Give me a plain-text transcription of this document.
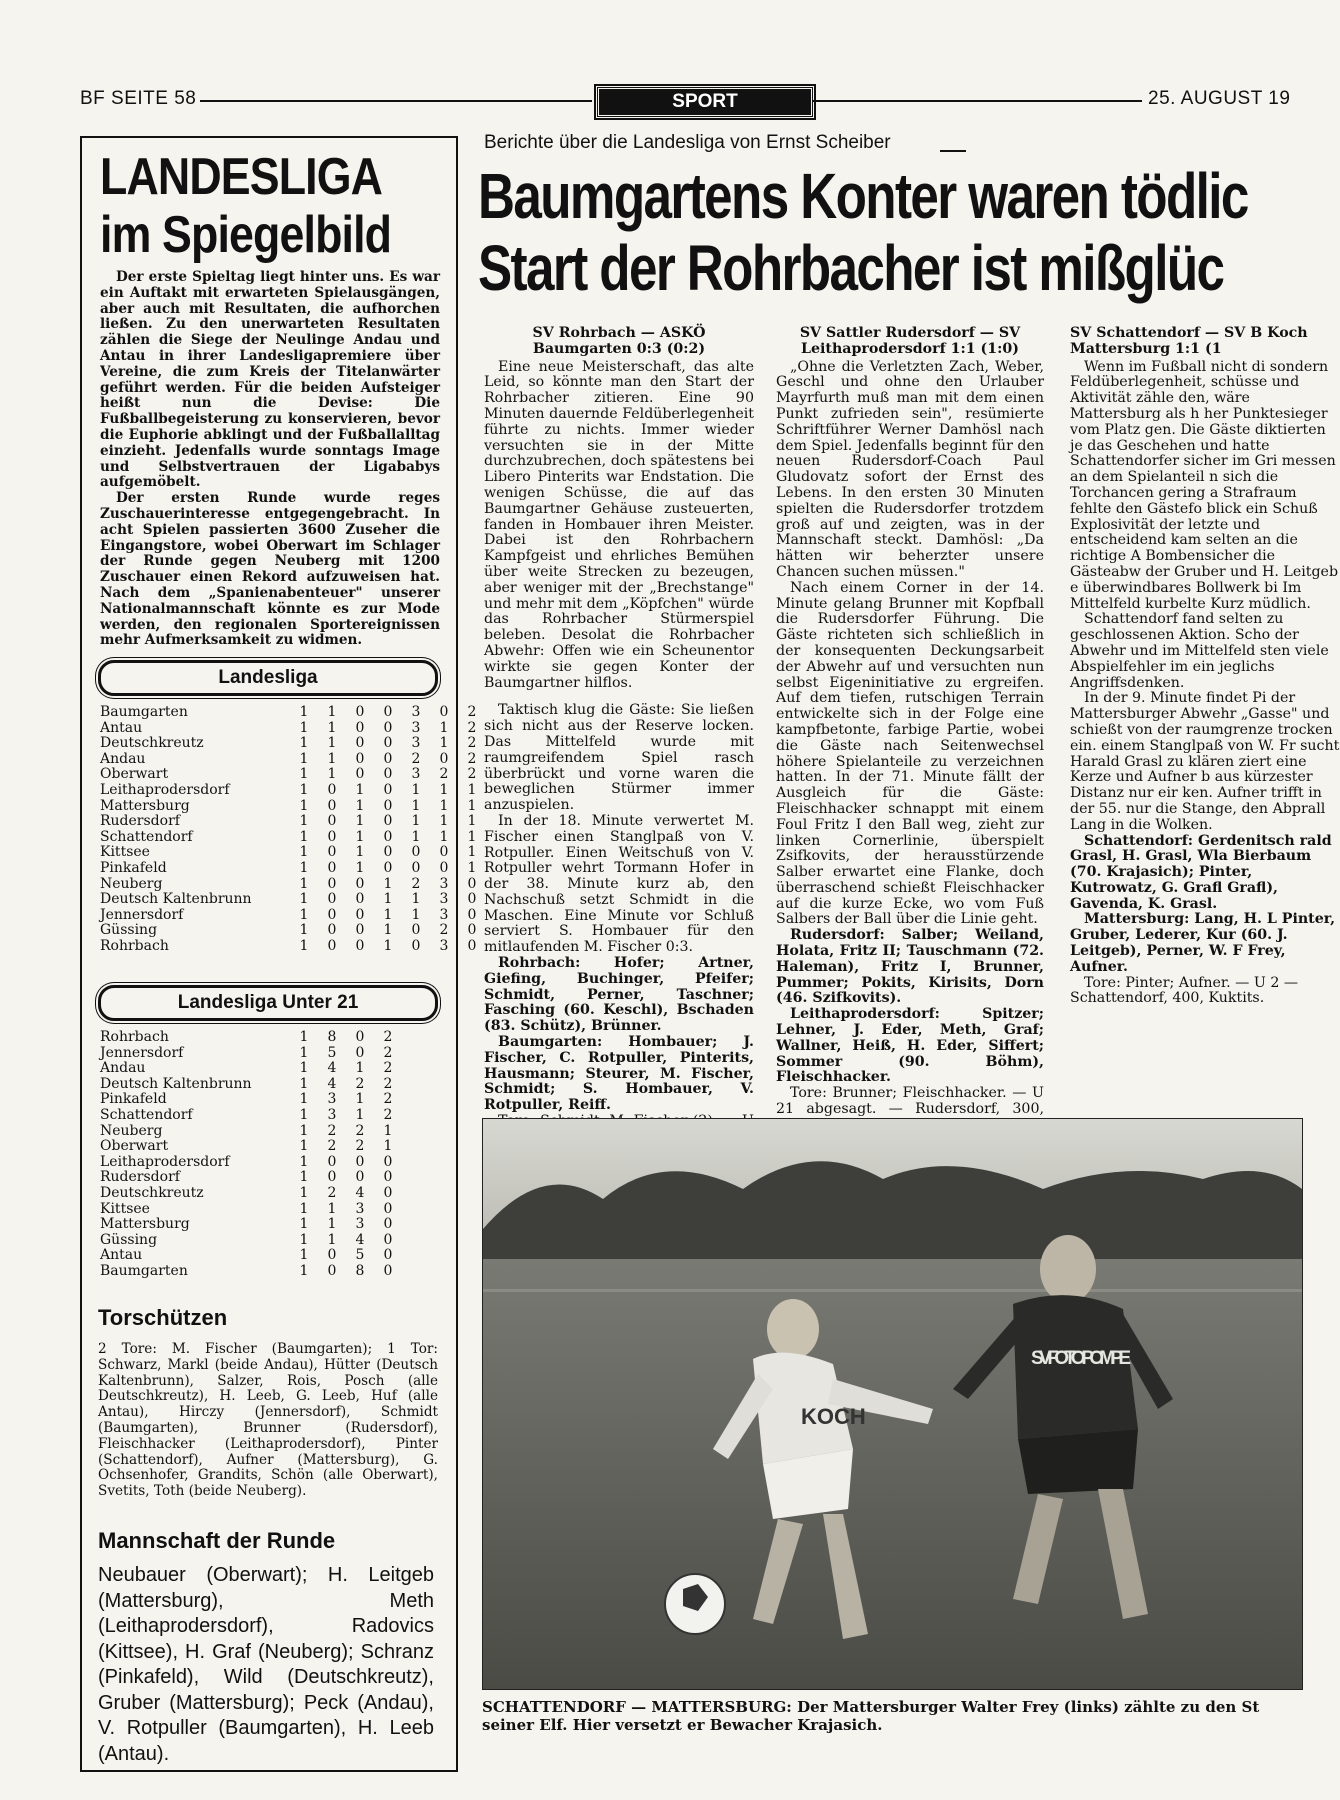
BF SEITE 58	SPORT	25. AUGUST 19
LANDESLIGA
im Spiegelbild

Der erste Spieltag liegt hinter uns. Es war ein Auftakt mit erwarteten Spielausgängen, aber auch mit Resultaten, die aufhorchen ließen. Zu den unerwarteten Resultaten zählen die Siege der Neulinge Andau und Antau in ihrer Landesligapremiere über Vereine, die zum Kreis der Titelanwärter geführt werden. Für die beiden Aufsteiger heißt nun die Devise: Die Fußballbegeisterung zu konservieren, bevor die Euphorie abklingt und der Fußballalltag einzieht. Jedenfalls wurde sonntags Image und Selbstvertrauen der Ligababys aufgemöbelt.

Der ersten Runde wurde reges Zuschauerinteresse entgegengebracht. In acht Spielen passierten 3600 Zuseher die Eingangstore, wobei Oberwart im Schlager der Runde gegen Neuberg mit 1200 Zuschauer einen Rekord aufzuweisen hat. Nach dem „Spanienabenteuer" unserer Nationalmannschaft könnte es zur Mode werden, den regionalen Sportereignissen mehr Aufmerksamkeit zu widmen.

Landesliga
Baumgarten	1	1	0	0	3	0	2
Antau	1	1	0	0	3	1	2
Deutschkreutz	1	1	0	0	3	1	2
Andau	1	1	0	0	2	0	2
Oberwart	1	1	0	0	3	2	2
Leithaprodersdorf	1	0	1	0	1	1	1
Mattersburg	1	0	1	0	1	1	1
Rudersdorf	1	0	1	0	1	1	1
Schattendorf	1	0	1	0	1	1	1
Kittsee	1	0	1	0	0	0	1
Pinkafeld	1	0	1	0	0	0	1
Neuberg	1	0	0	1	2	3	0
Deutsch Kaltenbrunn	1	0	0	1	1	3	0
Jennersdorf	1	0	0	1	1	3	0
Güssing	1	0	0	1	0	2	0
Rohrbach	1	0	0	1	0	3	0
Landesliga Unter 21
Rohrbach	1	8	0	2
Jennersdorf	1	5	0	2
Andau	1	4	1	2
Deutsch Kaltenbrunn	1	4	2	2
Pinkafeld	1	3	1	2
Schattendorf	1	3	1	2
Neuberg	1	2	2	1
Oberwart	1	2	2	1
Leithaprodersdorf	1	0	0	0
Rudersdorf	1	0	0	0
Deutschkreutz	1	2	4	0
Kittsee	1	1	3	0
Mattersburg	1	1	3	0
Güssing	1	1	4	0
Antau	1	0	5	0
Baumgarten	1	0	8	0
Torschützen
2 Tore: M. Fischer (Baumgarten); 1 Tor: Schwarz, Markl (beide Andau), Hütter (Deutsch Kaltenbrunn), Salzer, Rois, Posch (alle Deutschkreutz), H. Leeb, G. Leeb, Huf (alle Antau), Hirczy (Jennersdorf), Schmidt (Baumgarten), Brunner (Rudersdorf), Fleischhacker (Leithaprodersdorf), Pinter (Schattendorf), Aufner (Mattersburg), G. Ochsenhofer, Grandits, Schön (alle Oberwart), Svetits, Toth (beide Neuberg).
Mannschaft der Runde
Neubauer (Oberwart); H. Leitgeb (Mattersburg), Meth (Leithaprodersdorf), Radovics (Kittsee), H. Graf (Neuberg); Schranz (Pinkafeld), Wild (Deutschkreutz), Gruber (Mattersburg); Peck (Andau), V. Rotpuller (Baumgarten), H. Leeb (Antau).
Berichte über die Landesliga von Ernst Scheiber
Baumgartens Konter waren tödlic
Start der Rohrbacher ist mißglüc
SV Rohrbach — ASKÖ Baumgarten 0:3 (0:2)

Eine neue Meisterschaft, das alte Leid, so könnte man den Start der Rohrbacher zitieren. Eine 90 Minuten dauernde Feldüberlegenheit führte zu nichts. Immer wieder versuchten sie in der Mitte durchzubrechen, doch spätestens bei Libero Pinterits war Endstation. Die wenigen Schüsse, die auf das Baumgartner Gehäuse zusteuerten, fanden in Hombauer ihren Meister. Dabei ist den Rohrbachern Kampfgeist und ehrliches Bemühen über weite Strecken zu bezeugen, aber weniger mit der „Brechstange" und mehr mit dem „Köpfchen" würde das Rohrbacher Stürmerspiel beleben. Desolat die Rohrbacher Abwehr: Offen wie ein Scheunentor wirkte sie gegen Konter der Baumgartner hilflos.

Taktisch klug die Gäste: Sie ließen sich nicht aus der Reserve locken. Das Mittelfeld wurde mit raumgreifendem Spiel rasch überbrückt und vorne waren die beweglichen Stürmer immer anzuspielen.

In der 18. Minute verwertet M. Fischer einen Stanglpaß von V. Rotpuller. Einen Weitschuß von V. Rotpuller wehrt Tormann Hofer in der 38. Minute kurz ab, den Nachschuß setzt Schmidt in die Maschen. Eine Minute vor Schluß serviert S. Hombauer für den mitlaufenden M. Fischer 0:3.

Rohrbach: Hofer; Artner, Giefing, Buchinger, Pfeifer; Schmidt, Perner, Taschner; Fasching (60. Keschl), Bschaden (83. Schütz), Brünner.

Baumgarten: Hombauer; J. Fischer, C. Rotpuller, Pinterits, Hausmann; Steurer, M. Fischer, Schmidt; S. Hombauer, V. Rotpuller, Reiff.

SV Sattler Rudersdorf — SV Leithaprodersdorf 1:1 (1:0)

„Ohne die Verletzten Zach, Weber, Geschl und ohne den Urlauber Mayrfurth muß man mit dem einen Punkt zufrieden sein", resümierte Schriftführer Werner Damhösl nach dem Spiel. Jedenfalls beginnt für den neuen Rudersdorf-Coach Paul Gludovatz sofort der Ernst des Lebens. In den ersten 30 Minuten spielten die Rudersdorfer trotzdem groß auf und zeigten, was in der Mannschaft steckt. Damhösl: „Da hätten wir beherzter unsere Chancen suchen müssen."

Nach einem Corner in der 14. Minute gelang Brunner mit Kopfball die Rudersdorfer Führung. Die Gäste richteten sich schließlich in der konsequenten Deckungsarbeit der Abwehr auf und versuchten nun selbst Eigeninitiative zu ergreifen. Auf dem tiefen, rutschigen Terrain entwickelte sich in der Folge eine kampfbetonte, farbige Partie, wobei die Gäste nach Seitenwechsel höhere Spielanteile zu verzeichnen hatten. In der 71. Minute fällt der Ausgleich für die Gäste: Fleischhacker schnappt mit einem Foul Fritz I den Ball weg, zieht zur linken Cornerlinie, überspielt Zsifkovits, der herausstürzende Salber erwartet eine Flanke, doch überraschend schießt Fleischhacker auf die kurze Ecke, wo vom Fuß Salbers der Ball über die Linie geht.

Rudersdorf: Salber; Weiland, Holata, Fritz II; Tauschmann (72. Haleman), Fritz I, Brunner, Pummer; Pokits, Kirisits, Dorn (46. Szifkovits).

Leithaprodersdorf: Spitzer; Lehner, J. Eder, Meth, Graf; Wallner, Heiß, H. Eder, Siffert; Sommer (90. Böhm), Fleischhacker.

Tore: Brunner; Fleischhacker. — U 21 abgesagt. — Rudersdorf, 300,

SV Schattendorf — SV B Koch Mattersburg 1:1 (1

Wenn im Fußball nicht di sondern Feldüberlegenheit, schüsse und Aktivität zähle den, wäre Mattersburg als h her Punktesieger vom Platz gen. Die Gäste diktierten je das Geschehen und hatte Schattendorfer sicher im Gri messen an dem Spielanteil n sich die Torchancen gering a Strafraum fehlte den Gästefo blick ein Schuß Explosivität der letzte und entscheidend kam selten an die richtige A Bombensicher die Gästeabw der Gruber und H. Leitgeb e überwindbares Bollwerk bi Im Mittelfeld kurbelte Kurz müdlich.

Schattendorf fand selten zu geschlossenen Aktion. Scho der Abwehr und im Mittelfeld sten viele Abspielfehler im ein jeglichs Angriffsdenken.

In der 9. Minute findet Pi der Mattersburger Abwehr „Gasse" und schießt von der raumgrenze trocken ein. einem Stanglpaß von W. Fr sucht Harald Grasl zu klären ziert eine Kerze und Aufner b aus kürzester Distanz nur eir ken. Aufner trifft in der 55. nur die Stange, den Abprall Lang in die Wolken.

Schattendorf: Gerdenitsch rald Grasl, H. Grasl, Wla Bierbaum (70. Krajasich); Pinter, Kutrowatz, G. Grafl Grafl), Gavenda, K. Grasl.

Mattersburg: Lang, H. L Pinter, Gruber, Lederer, Kur (60. J. Leitgeb), Perner, W. F Frey, Aufner.

Tore: Pinter; Aufner. — U 2 — Schattendorf, 400, Kuktits.

KOCH
SV FOTO POMPE
SCHATTENDORF — MATTERSBURG: Der Mattersburger Walter Frey (links) zählte zu den St seiner Elf. Hier versetzt er Bewacher Krajasich.
